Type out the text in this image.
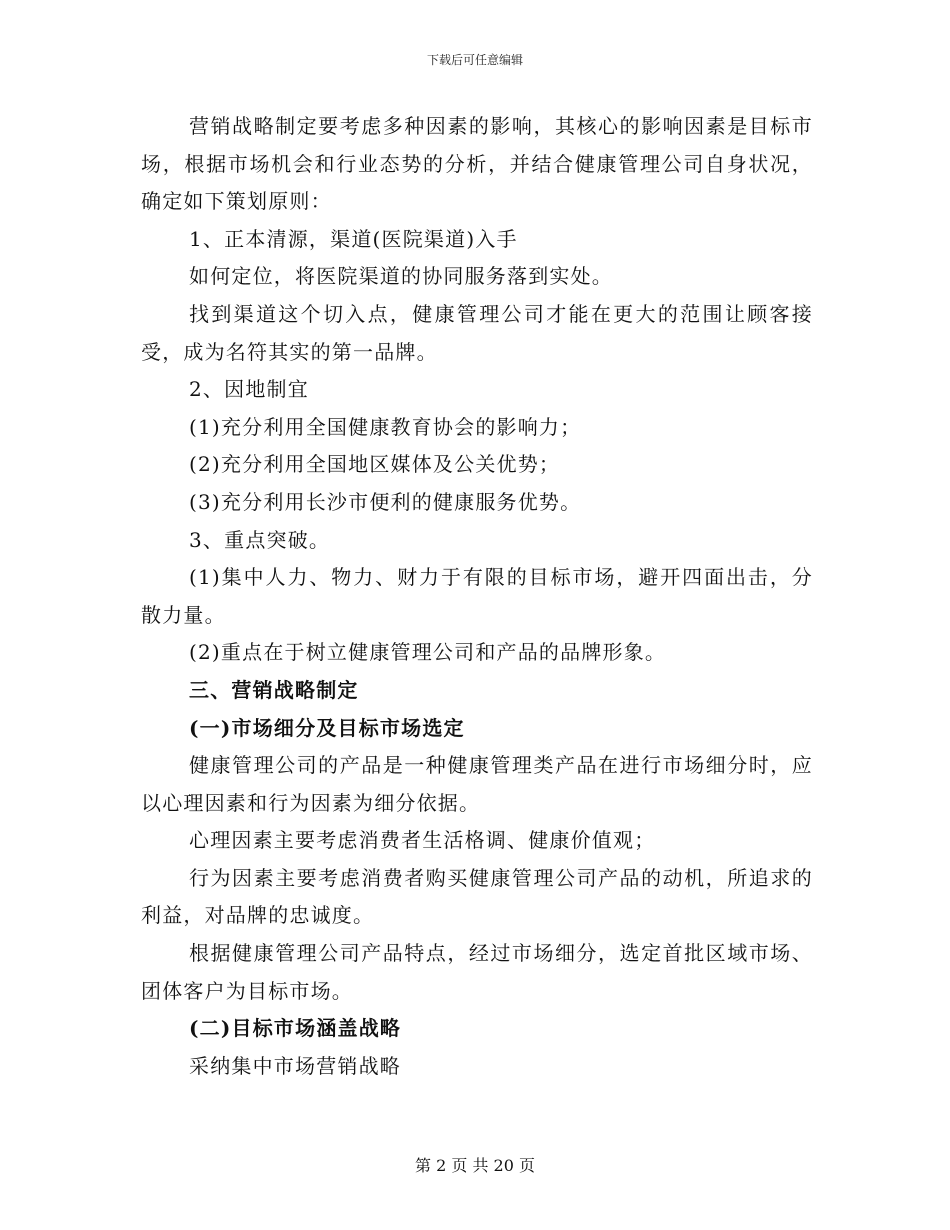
下载后可任意编辑

营销战略制定要考虑多种因素的影响，其核心的影响因素是目标市场，根据市场机会和行业态势的分析，并结合健康管理公司自身状况，确定如下策划原则：

1、正本清源，渠道(医院渠道)入手

如何定位，将医院渠道的协同服务落到实处。

找到渠道这个切入点，健康管理公司才能在更大的范围让顾客接受，成为名符其实的第一品牌。

2、因地制宜

(1)充分利用全国健康教育协会的影响力；

(2)充分利用全国地区媒体及公关优势；

(3)充分利用长沙市便利的健康服务优势。

3、重点突破。

(1)集中人力、物力、财力于有限的目标市场，避开四面出击，分散力量。

(2)重点在于树立健康管理公司和产品的品牌形象。

三、营销战略制定

(一)市场细分及目标市场选定

健康管理公司的产品是一种健康管理类产品在进行市场细分时，应以心理因素和行为因素为细分依据。

心理因素主要考虑消费者生活格调、健康价值观；

行为因素主要考虑消费者购买健康管理公司产品的动机，所追求的利益，对品牌的忠诚度。

根据健康管理公司产品特点，经过市场细分，选定首批区域市场、团体客户为目标市场。

(二)目标市场涵盖战略

采纳集中市场营销战略

第 2 页 共 20 页
